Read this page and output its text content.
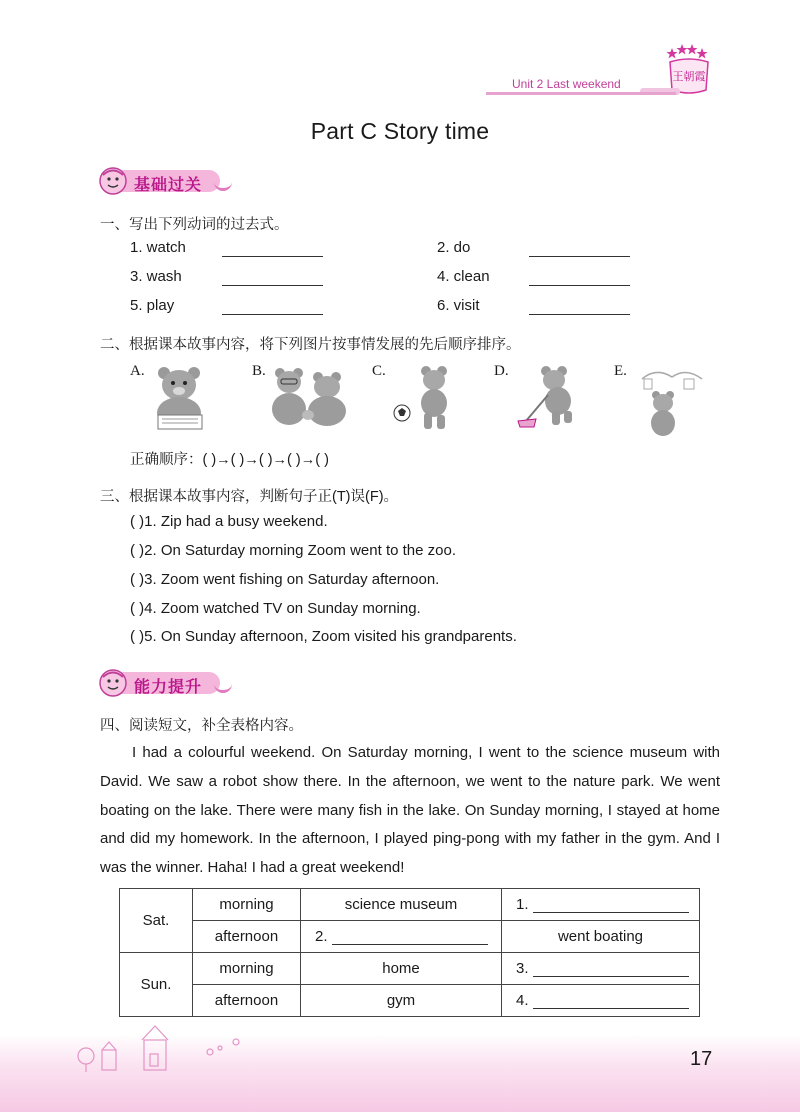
王朝霞
Unit 2 Last weekend
Part C Story time
基础过关
一、写出下列动词的过去式。
1. watch	2. do
3. wash	4. clean
5. play	6. visit
二、根据课本故事内容，将下列图片按事情发展的先后顺序排序。
A.	B.	C.	D.	E.
正确顺序：( )→( )→( )→( )→( )
三、根据课本故事内容，判断句子正(T)误(F)。
( )1. Zip had a busy weekend.
( )2. On Saturday morning Zoom went to the zoo.
( )3. Zoom went fishing on Saturday afternoon.
( )4. Zoom watched TV on Sunday morning.
( )5. On Sunday afternoon, Zoom visited his grandparents.
能力提升
四、阅读短文，补全表格内容。

I had a colourful weekend. On Saturday morning, I went to the science museum with David. We saw a robot show there. In the afternoon, we went to the nature park. We went boating on the lake. There were many fish in the lake. On Sunday morning, I stayed at home and did my homework. In the afternoon, I played ping-pong with my father in the gym. And I was the winner. Haha! I had a great weekend!

Sat.	morning	science museum	1.
	afternoon	2.	went boating
Sun.	morning	home	3.
	afternoon	gym	4.
17
